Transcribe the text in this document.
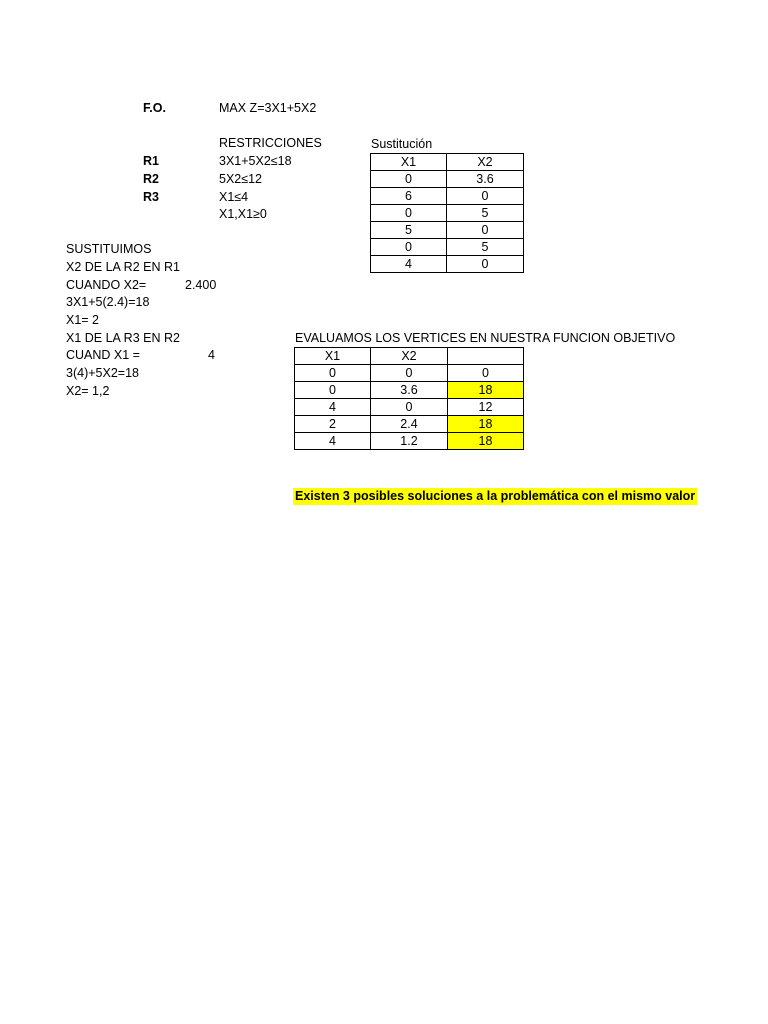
F.O.	MAX Z=3X1+5X2
RESTRICCIONES
R1	3X1+5X2≤18
R2	5X2≤12
R3	X1≤4
X1,X1≥0
Sustitución
X1	X2
0	3.6
6	0
0	5
5	0
0	5
4	0
SUSTITUIMOS
X2 DE LA R2 EN R1
CUANDO X2=	2.400
3X1+5(2.4)=18
X1= 2
X1 DE LA R3 EN R2
CUAND X1 =	4
3(4)+5X2=18
X2= 1,2
EVALUAMOS LOS VERTICES EN NUESTRA FUNCION OBJETIVO
X1	X2	
0	0	0
0	3.6	18
4	0	12
2	2.4	18
4	1.2	18
Existen 3 posibles soluciones a la problemática con el mismo valor
